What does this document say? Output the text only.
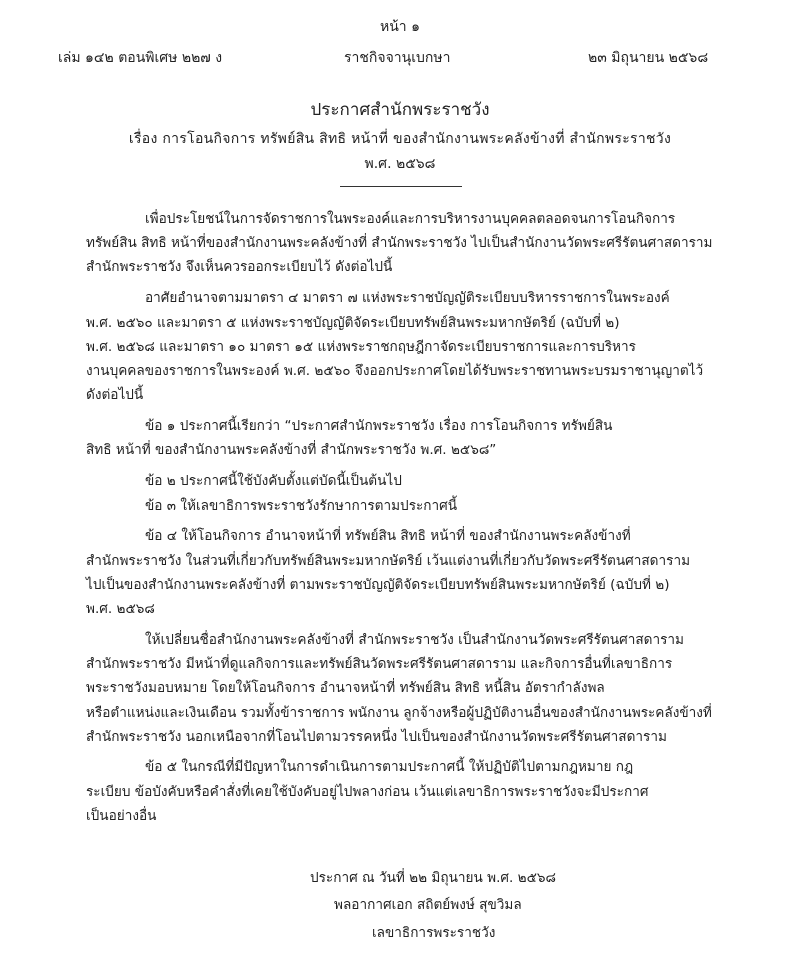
หน้า ๑
เล่ม ๑๔๒ ตอนพิเศษ ๒๒๗ ง	ราชกิจจานุเบกษา	๒๓ มิถุนายน ๒๕๖๘
ประกาศสำนักพระราชวัง
เรื่อง การโอนกิจการ ทรัพย์สิน สิทธิ หน้าที่ ของสำนักงานพระคลังข้างที่ สำนักพระราชวัง
พ.ศ. ๒๕๖๘
เพื่อประโยชน์ในการจัดราชการในพระองค์และการบริหารงานบุคคลตลอดจนการโอนกิจการ
ทรัพย์สิน สิทธิ หน้าที่ของสำนักงานพระคลังข้างที่ สำนักพระราชวัง ไปเป็นสำนักงานวัดพระศรีรัตนศาสดาราม
สำนักพระราชวัง จึงเห็นควรออกระเบียบไว้ ดังต่อไปนี้
อาศัยอำนาจตามมาตรา ๔ มาตรา ๗ แห่งพระราชบัญญัติระเบียบบริหารราชการในพระองค์
พ.ศ. ๒๕๖๐ และมาตรา ๕ แห่งพระราชบัญญัติจัดระเบียบทรัพย์สินพระมหากษัตริย์ (ฉบับที่ ๒)
พ.ศ. ๒๕๖๘ และมาตรา ๑๐ มาตรา ๑๕ แห่งพระราชกฤษฎีกาจัดระเบียบราชการและการบริหาร
งานบุคคลของราชการในพระองค์ พ.ศ. ๒๕๖๐ จึงออกประกาศโดยได้รับพระราชทานพระบรมราชานุญาตไว้
ดังต่อไปนี้
ข้อ ๑ ประกาศนี้เรียกว่า “ประกาศสำนักพระราชวัง เรื่อง การโอนกิจการ ทรัพย์สิน
สิทธิ หน้าที่ ของสำนักงานพระคลังข้างที่ สำนักพระราชวัง พ.ศ. ๒๕๖๘”
ข้อ ๒ ประกาศนี้ใช้บังคับตั้งแต่บัดนี้เป็นต้นไป
ข้อ ๓ ให้เลขาธิการพระราชวังรักษาการตามประกาศนี้
ข้อ ๔ ให้โอนกิจการ อำนาจหน้าที่ ทรัพย์สิน สิทธิ หน้าที่ ของสำนักงานพระคลังข้างที่
สำนักพระราชวัง ในส่วนที่เกี่ยวกับทรัพย์สินพระมหากษัตริย์ เว้นแต่งานที่เกี่ยวกับวัดพระศรีรัตนศาสดาราม
ไปเป็นของสำนักงานพระคลังข้างที่ ตามพระราชบัญญัติจัดระเบียบทรัพย์สินพระมหากษัตริย์ (ฉบับที่ ๒)
พ.ศ. ๒๕๖๘
ให้เปลี่ยนชื่อสำนักงานพระคลังข้างที่ สำนักพระราชวัง เป็นสำนักงานวัดพระศรีรัตนศาสดาราม
สำนักพระราชวัง มีหน้าที่ดูแลกิจการและทรัพย์สินวัดพระศรีรัตนศาสดาราม และกิจการอื่นที่เลขาธิการ
พระราชวังมอบหมาย โดยให้โอนกิจการ อำนาจหน้าที่ ทรัพย์สิน สิทธิ หนี้สิน อัตรากำลังพล
หรือตำแหน่งและเงินเดือน รวมทั้งข้าราชการ พนักงาน ลูกจ้างหรือผู้ปฏิบัติงานอื่นของสำนักงานพระคลังข้างที่
สำนักพระราชวัง นอกเหนือจากที่โอนไปตามวรรคหนึ่ง ไปเป็นของสำนักงานวัดพระศรีรัตนศาสดาราม
ข้อ ๕ ในกรณีที่มีปัญหาในการดำเนินการตามประกาศนี้ ให้ปฏิบัติไปตามกฎหมาย กฎ
ระเบียบ ข้อบังคับหรือคำสั่งที่เคยใช้บังคับอยู่ไปพลางก่อน เว้นแต่เลขาธิการพระราชวังจะมีประกาศ
เป็นอย่างอื่น
ประกาศ ณ วันที่ ๒๒ มิถุนายน พ.ศ. ๒๕๖๘
พลอากาศเอก สถิตย์พงษ์ สุขวิมล
เลขาธิการพระราชวัง
